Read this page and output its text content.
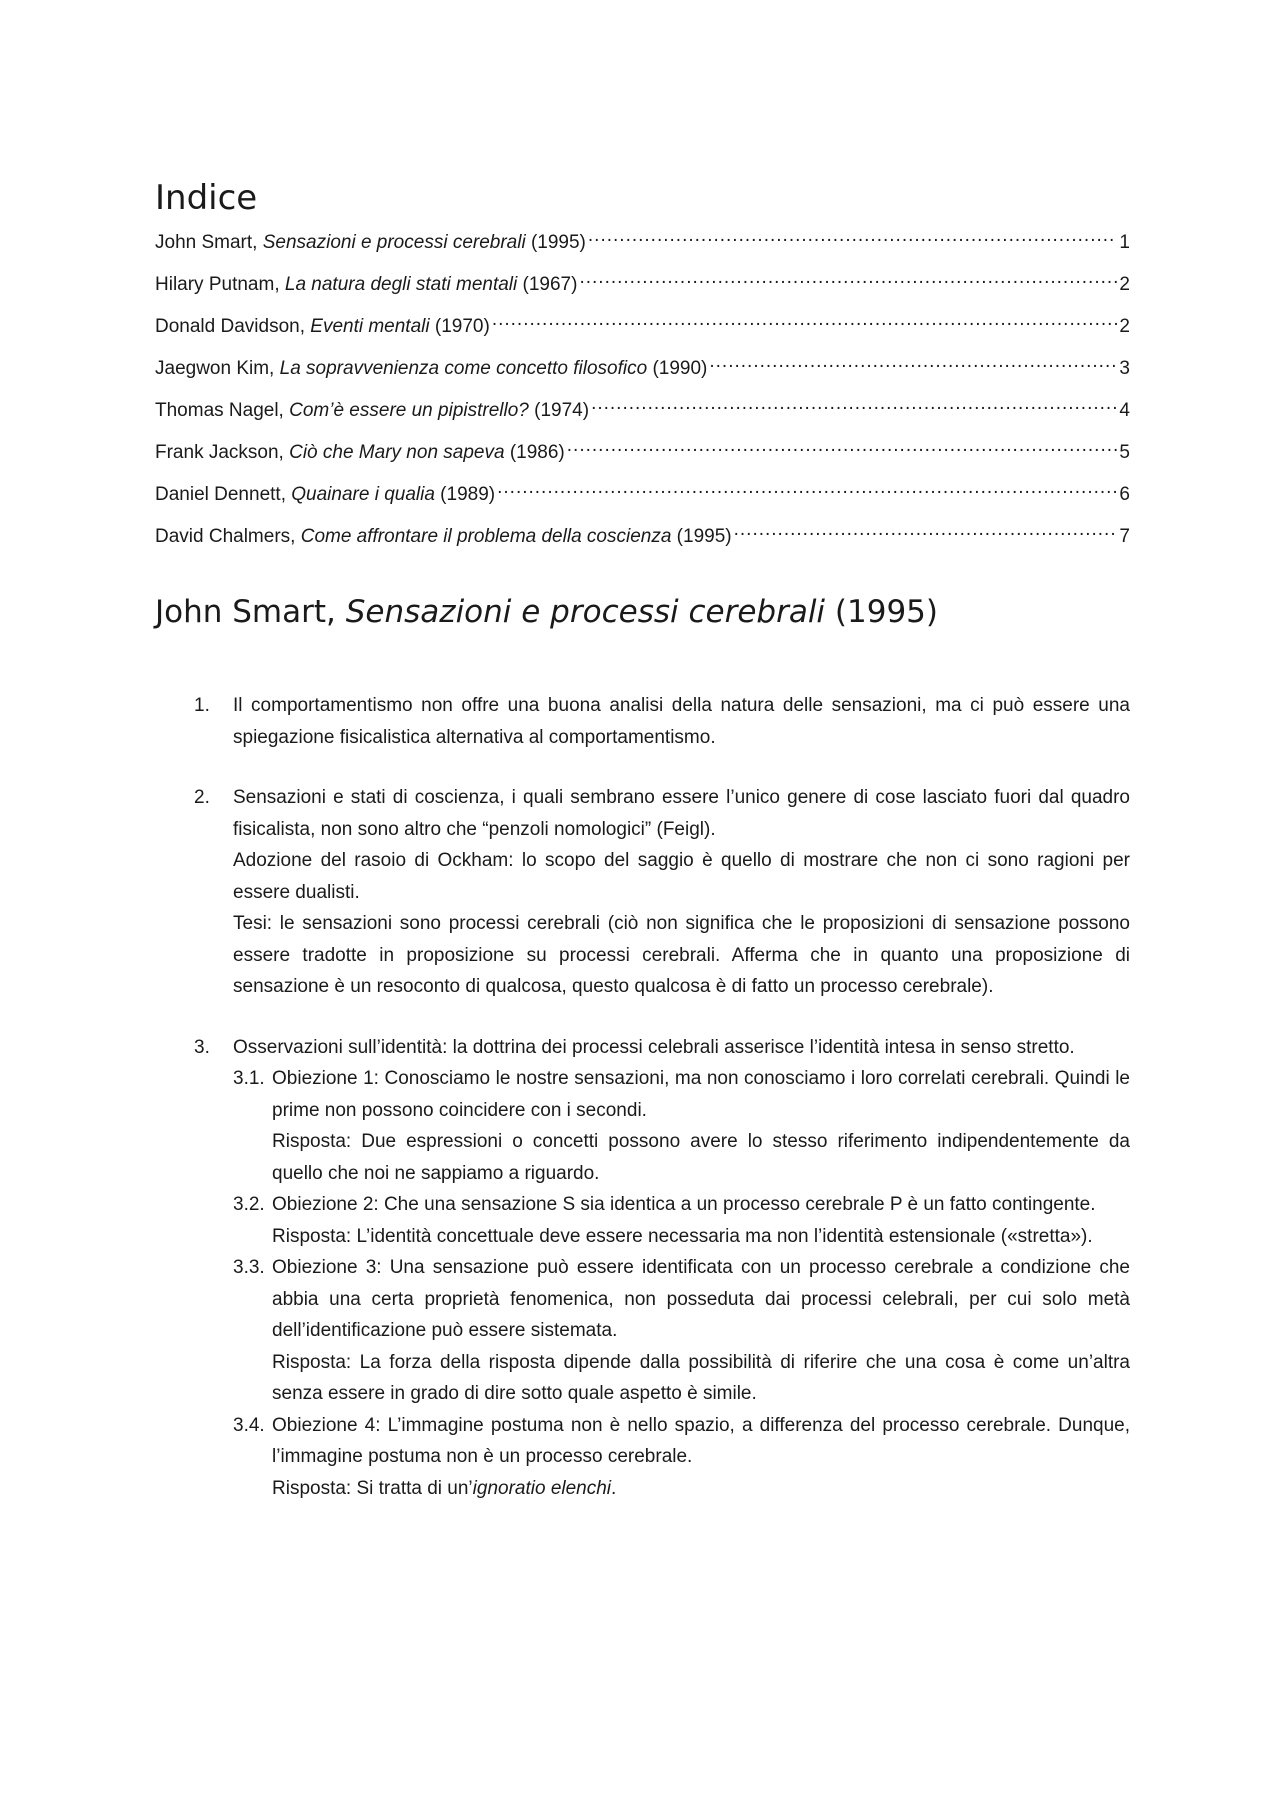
Indice
John Smart, Sensazioni e processi cerebrali (1995) .....	1
Hilary Putnam, La natura degli stati mentali (1967) .....	2
Donald Davidson, Eventi mentali (1970) .....	2
Jaegwon Kim, La sopravvenienza come concetto filosofico (1990) .....	3
Thomas Nagel, Com’è essere un pipistrello? (1974) .....	4
Frank Jackson, Ciò che Mary non sapeva (1986) .....	5
Daniel Dennett, Quainare i qualia (1989) .....	6
David Chalmers, Come affrontare il problema della coscienza (1995) .....	7
John Smart, Sensazioni e processi cerebrali (1995)
1. Il comportamentismo non offre una buona analisi della natura delle sensazioni, ma ci può essere una spiegazione fisicalistica alternativa al comportamentismo.

2. Sensazioni e stati di coscienza, i quali sembrano essere l’unico genere di cose lasciato fuori dal quadro fisicalista, non sono altro che “penzoli nomologici” (Feigl).

Adozione del rasoio di Ockham: lo scopo del saggio è quello di mostrare che non ci sono ragioni per essere dualisti.

Tesi: le sensazioni sono processi cerebrali (ciò non significa che le proposizioni di sensazione possono essere tradotte in proposizione su processi cerebrali. Afferma che in quanto una proposizione di sensazione è un resoconto di qualcosa, questo qualcosa è di fatto un processo cerebrale).

3. Osservazioni sull’identità: la dottrina dei processi celebrali asserisce l’identità intesa in senso stretto.

3.1. Obiezione 1: Conosciamo le nostre sensazioni, ma non conosciamo i loro correlati cerebrali. Quindi le prime non possono coincidere con i secondi.

Risposta: Due espressioni o concetti possono avere lo stesso riferimento indipendentemente da quello che noi ne sappiamo a riguardo.

3.2. Obiezione 2: Che una sensazione S sia identica a un processo cerebrale P è un fatto contingente.

Risposta: L’identità concettuale deve essere necessaria ma non l’identità estensionale («stretta»).

3.3. Obiezione 3: Una sensazione può essere identificata con un processo cerebrale a condizione che abbia una certa proprietà fenomenica, non posseduta dai processi celebrali, per cui solo metà dell’identificazione può essere sistemata.

Risposta: La forza della risposta dipende dalla possibilità di riferire che una cosa è come un’altra senza essere in grado di dire sotto quale aspetto è simile.

3.4. Obiezione 4: L’immagine postuma non è nello spazio, a differenza del processo cerebrale. Dunque, l’immagine postuma non è un processo cerebrale.

Risposta: Si tratta di un’ignoratio elenchi.
